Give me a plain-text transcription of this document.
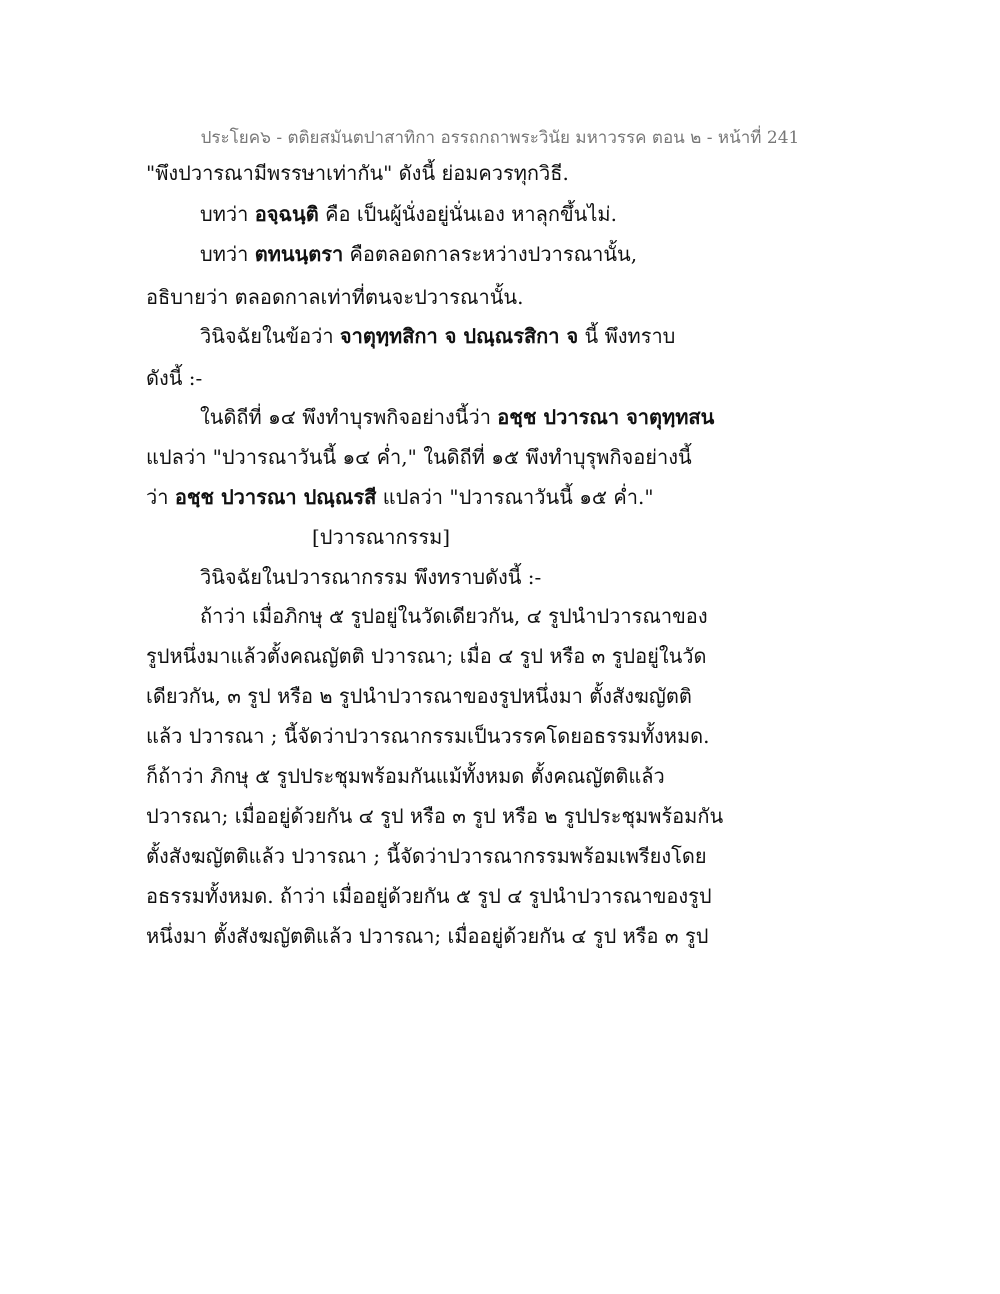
ประโยค๖ - ตติยสมันตปาสาทิกา อรรถกถาพระวินัย มหาวรรค ตอน ๒ - หน้าที่ 241
"พึงปวารณามีพรรษาเท่ากัน" ดังนี้ ย่อมควรทุกวิธี.
บทว่า อจฺฉนฺติ คือ เป็นผู้นั่งอยู่นั่นเอง หาลุกขึ้นไม่.
บทว่า ตทนนฺตรา คือตลอดกาลระหว่างปวารณานั้น,
อธิบายว่า ตลอดกาลเท่าที่ตนจะปวารณานั้น.
วินิจฉัยในข้อว่า จาตุทฺทสิกา จ ปณฺณรสิกา จ นี้ พึงทราบ
ดังนี้ :-
ในดิถีที่ ๑๔ พึงทำบุรพกิจอย่างนี้ว่า อชฺช ปวารณา จาตุทฺทสน
แปลว่า "ปวารณาวันนี้ ๑๔ ค่ำ," ในดิถีที่ ๑๕ พึงทำบุรุพกิจอย่างนี้
ว่า อชฺช ปวารณา ปณฺณรสี แปลว่า "ปวารณาวันนี้ ๑๕ ค่ำ."
[ปวารณากรรม]
วินิจฉัยในปวารณากรรม พึงทราบดังนี้ :-
ถ้าว่า เมื่อภิกษุ ๕ รูปอยู่ในวัดเดียวกัน, ๔ รูปนำปวารณาของ
รูปหนึ่งมาแล้วตั้งคณญัตติ ปวารณา; เมื่อ ๔ รูป หรือ ๓ รูปอยู่ในวัด
เดียวกัน, ๓ รูป หรือ ๒ รูปนำปวารณาของรูปหนึ่งมา ตั้งสังฆญัตติ
แล้ว ปวารณา ; นี้จัดว่าปวารณากรรมเป็นวรรคโดยอธรรมทั้งหมด.
ก็ถ้าว่า ภิกษุ ๕ รูปประชุมพร้อมกันแม้ทั้งหมด ตั้งคณญัตติแล้ว
ปวารณา; เมื่ออยู่ด้วยกัน ๔ รูป หรือ ๓ รูป หรือ ๒ รูปประชุมพร้อมกัน
ตั้งสังฆญัตติแล้ว ปวารณา ; นี้จัดว่าปวารณากรรมพร้อมเพรียงโดย
อธรรมทั้งหมด. ถ้าว่า เมื่ออยู่ด้วยกัน ๕ รูป ๔ รูปนำปวารณาของรูป
หนึ่งมา ตั้งสังฆญัตติแล้ว ปวารณา; เมื่ออยู่ด้วยกัน ๔ รูป หรือ ๓ รูป
